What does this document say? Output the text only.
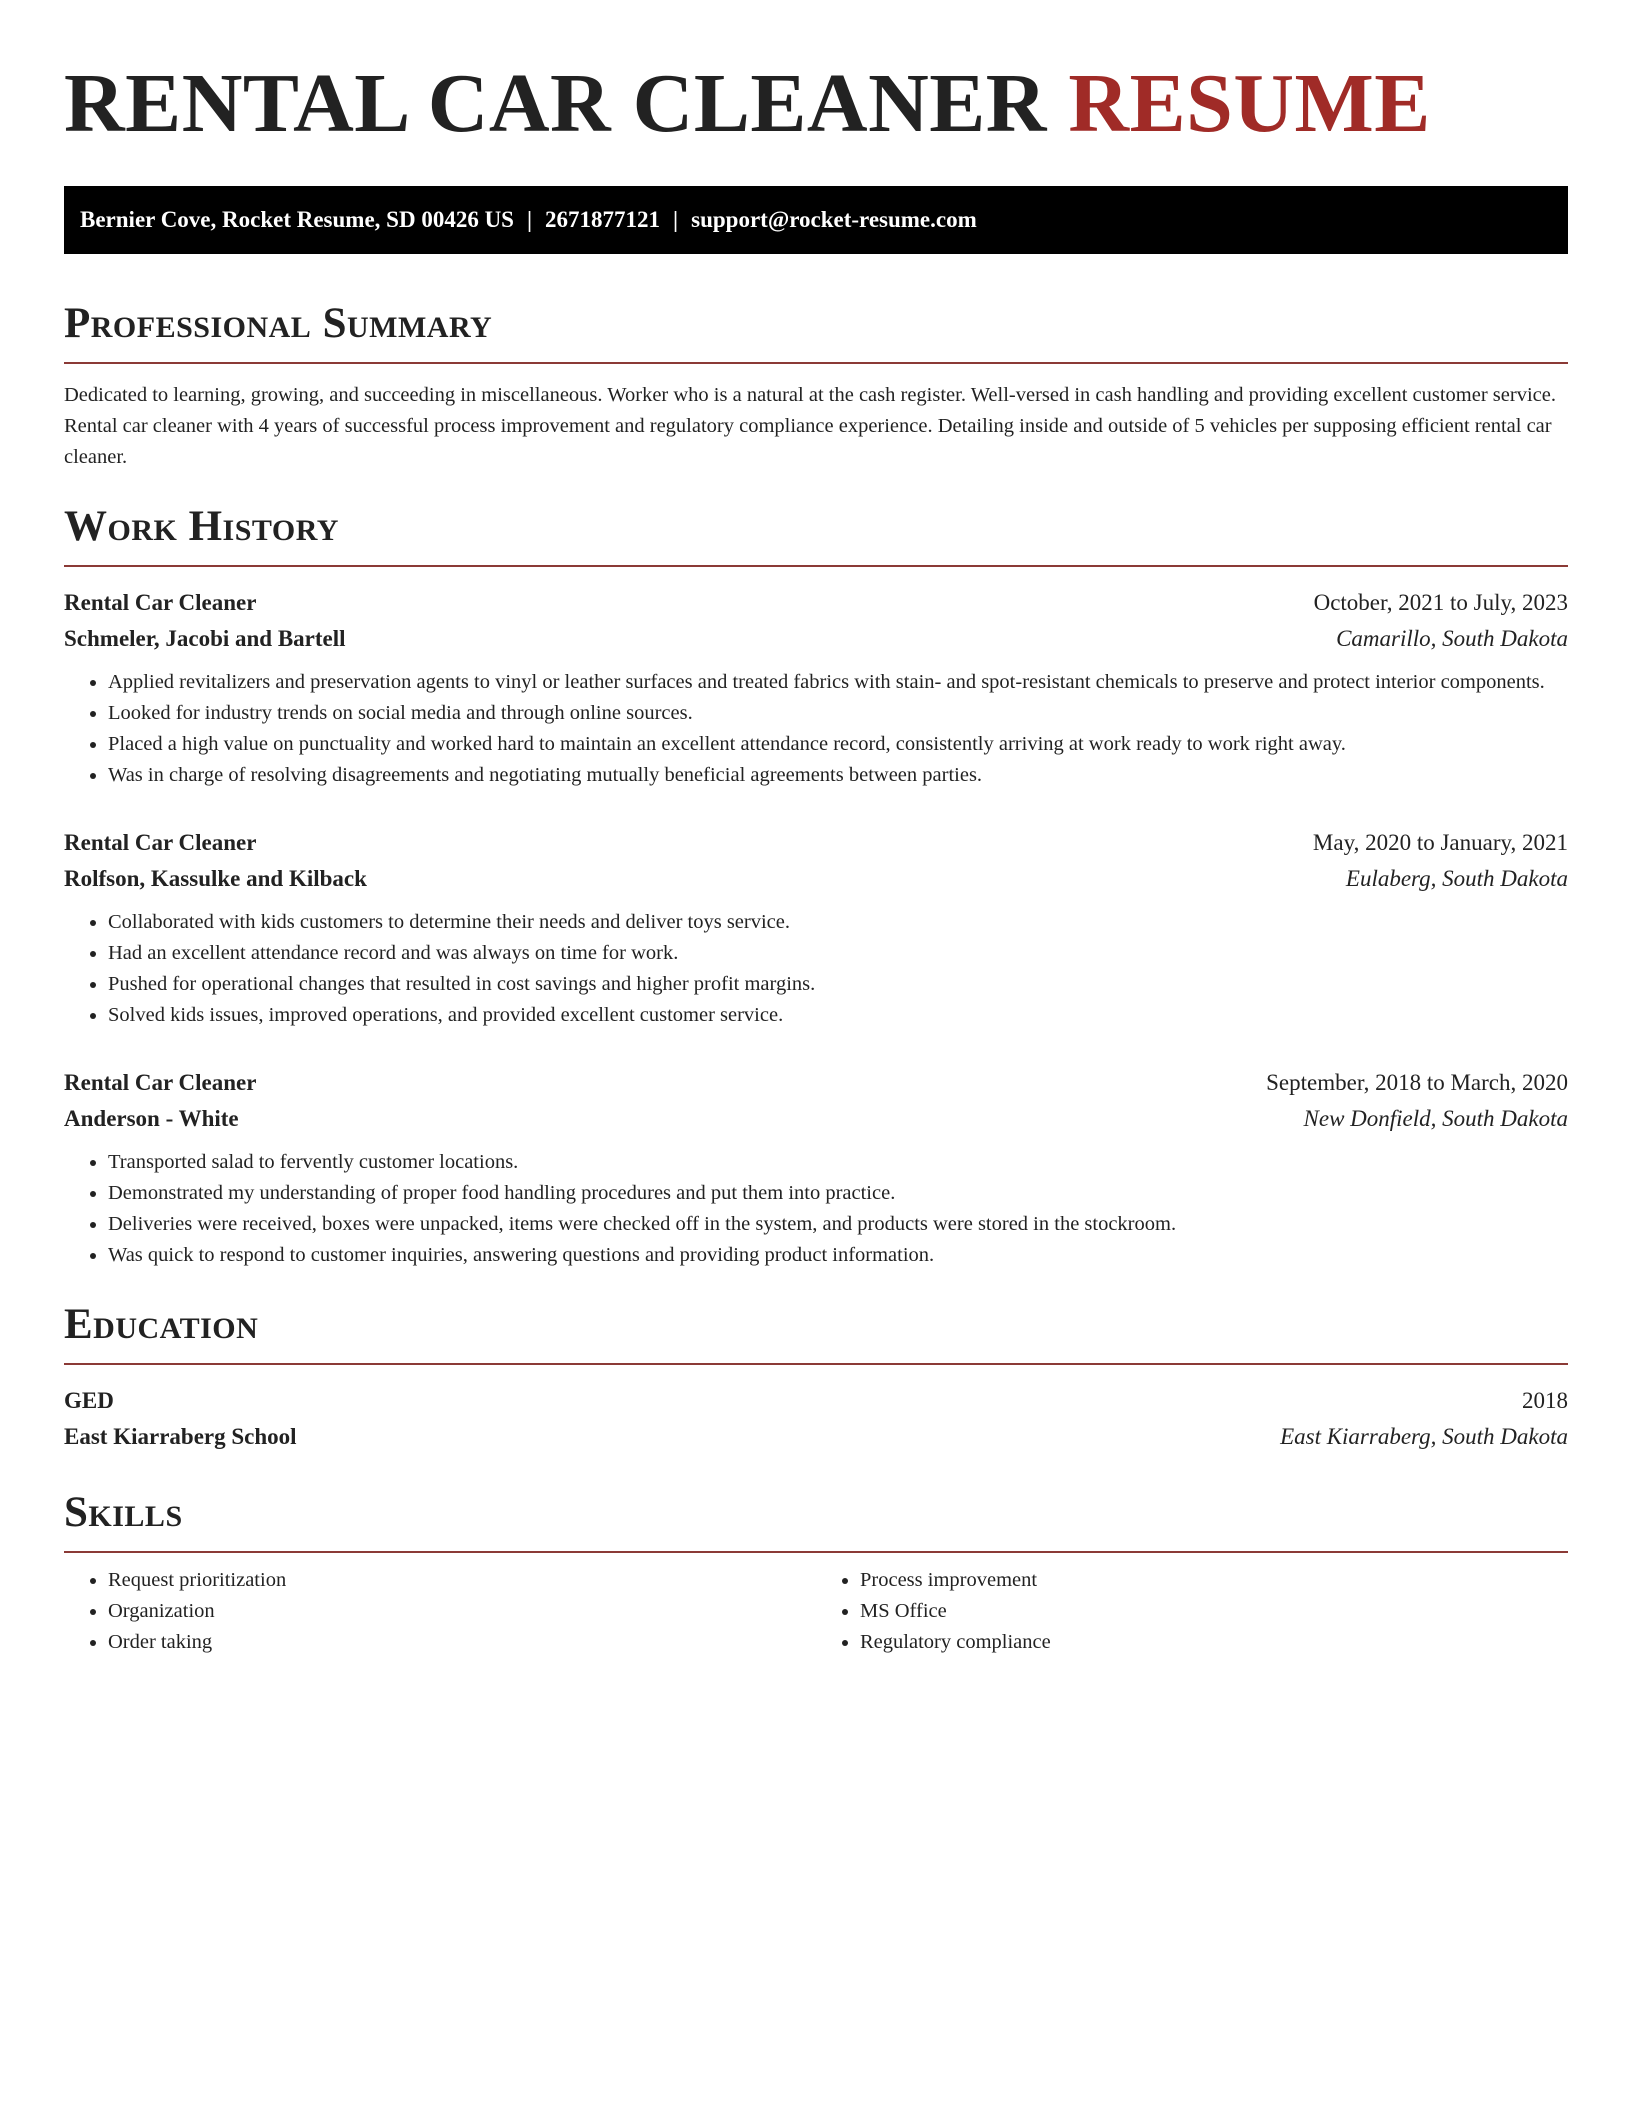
RENTAL CAR CLEANER RESUME
Bernier Cove, Rocket Resume, SD 00426 US | 2671877121 | support@rocket-resume.com
Professional Summary

Dedicated to learning, growing, and succeeding in miscellaneous. Worker who is a natural at the cash register. Well-versed in cash handling and providing excellent customer service. Rental car cleaner with 4 years of successful process improvement and regulatory compliance experience. Detailing inside and outside of 5 vehicles per supposing efficient rental car cleaner.

Work History
Rental Car Cleaner	October, 2021 to July, 2023
Schmeler, Jacobi and Bartell	Camarillo, South Dakota
• Applied revitalizers and preservation agents to vinyl or leather surfaces and treated fabrics with stain- and spot-resistant chemicals to preserve and protect interior components.
• Looked for industry trends on social media and through online sources.
• Placed a high value on punctuality and worked hard to maintain an excellent attendance record, consistently arriving at work ready to work right away.
• Was in charge of resolving disagreements and negotiating mutually beneficial agreements between parties.
Rental Car Cleaner	May, 2020 to January, 2021
Rolfson, Kassulke and Kilback	Eulaberg, South Dakota
• Collaborated with kids customers to determine their needs and deliver toys service.
• Had an excellent attendance record and was always on time for work.
• Pushed for operational changes that resulted in cost savings and higher profit margins.
• Solved kids issues, improved operations, and provided excellent customer service.
Rental Car Cleaner	September, 2018 to March, 2020
Anderson - White	New Donfield, South Dakota
• Transported salad to fervently customer locations.
• Demonstrated my understanding of proper food handling procedures and put them into practice.
• Deliveries were received, boxes were unpacked, items were checked off in the system, and products were stored in the stockroom.
• Was quick to respond to customer inquiries, answering questions and providing product information.
Education
GED	2018
East Kiarraberg School	East Kiarraberg, South Dakota
Skills
• Request prioritization
• Organization
• Order taking
• Process improvement
• MS Office
• Regulatory compliance
